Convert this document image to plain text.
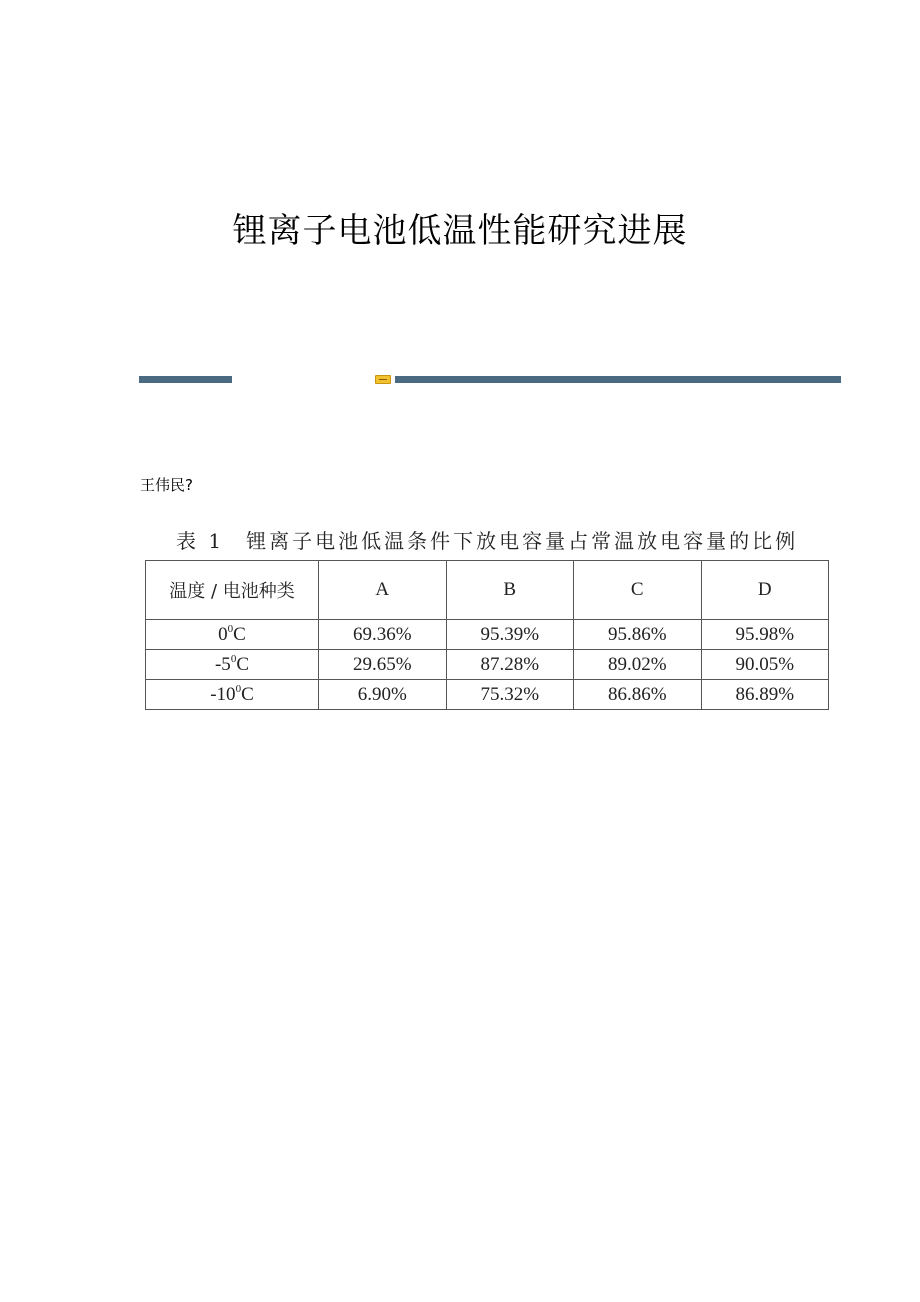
锂离子电池低温性能研究进展
王伟民?
表 1 锂离子电池低温条件下放电容量占常温放电容量的比例
温度 / 电池种类	A	B	C	D
$0^0C$	69.36%	95.39%	95.86%	95.98%
$-5^0C$	29.65%	87.28%	89.02%	90.05%
$-10^0C$	6.90%	75.32%	86.86%	86.89%
